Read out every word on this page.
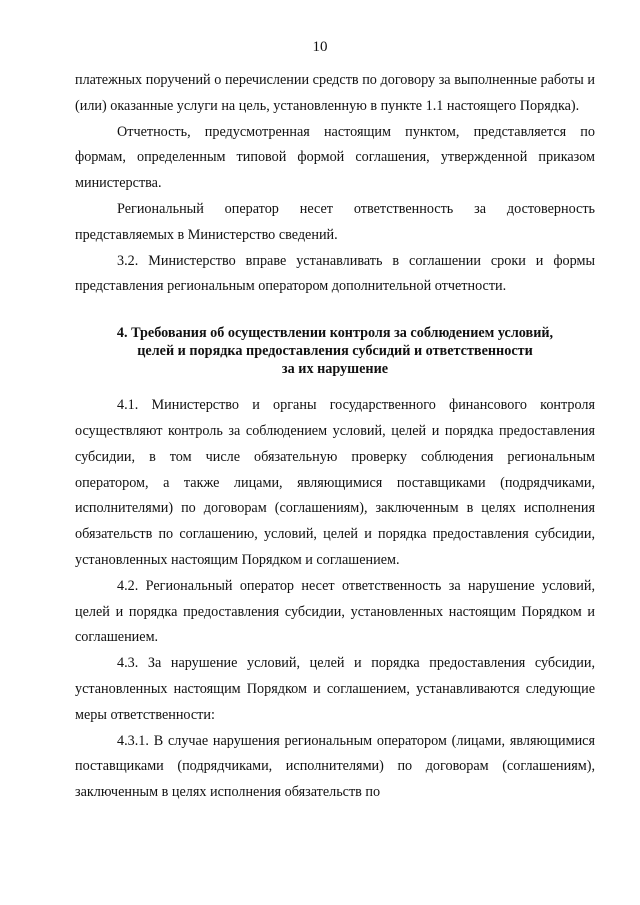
10

платежных поручений о перечислении средств по договору за выполненные работы и (или) оказанные услуги на цель, установленную в пункте 1.1 настоящего Порядка).

Отчетность, предусмотренная настоящим пунктом, представляется по формам, определенным типовой формой соглашения, утвержденной приказом министерства.

Региональный оператор несет ответственность за достоверность представляемых в Министерство сведений.

3.2. Министерство вправе устанавливать в соглашении сроки и формы представления региональным оператором дополнительной отчетности.

4. Требования об осуществлении контроля за соблюдением условий,
целей и порядка предоставления субсидий и ответственности
за их нарушение

4.1. Министерство и органы государственного финансового контроля осуществляют контроль за соблюдением условий, целей и порядка предоставления субсидии, в том числе обязательную проверку соблюдения региональным оператором, а также лицами, являющимися поставщиками (подрядчиками, исполнителями) по договорам (соглашениям), заключенным в целях исполнения обязательств по соглашению, условий, целей и порядка предоставления субсидии, установленных настоящим Порядком и соглашением.

4.2. Региональный оператор несет ответственность за нарушение условий, целей и порядка предоставления субсидии, установленных настоящим Порядком и соглашением.

4.3. За нарушение условий, целей и порядка предоставления субсидии, установленных настоящим Порядком и соглашением, устанавливаются следующие меры ответственности:

4.3.1. В случае нарушения региональным оператором (лицами, являющимися поставщиками (подрядчиками, исполнителями) по договорам (соглашениям), заключенным в целях исполнения обязательств по
